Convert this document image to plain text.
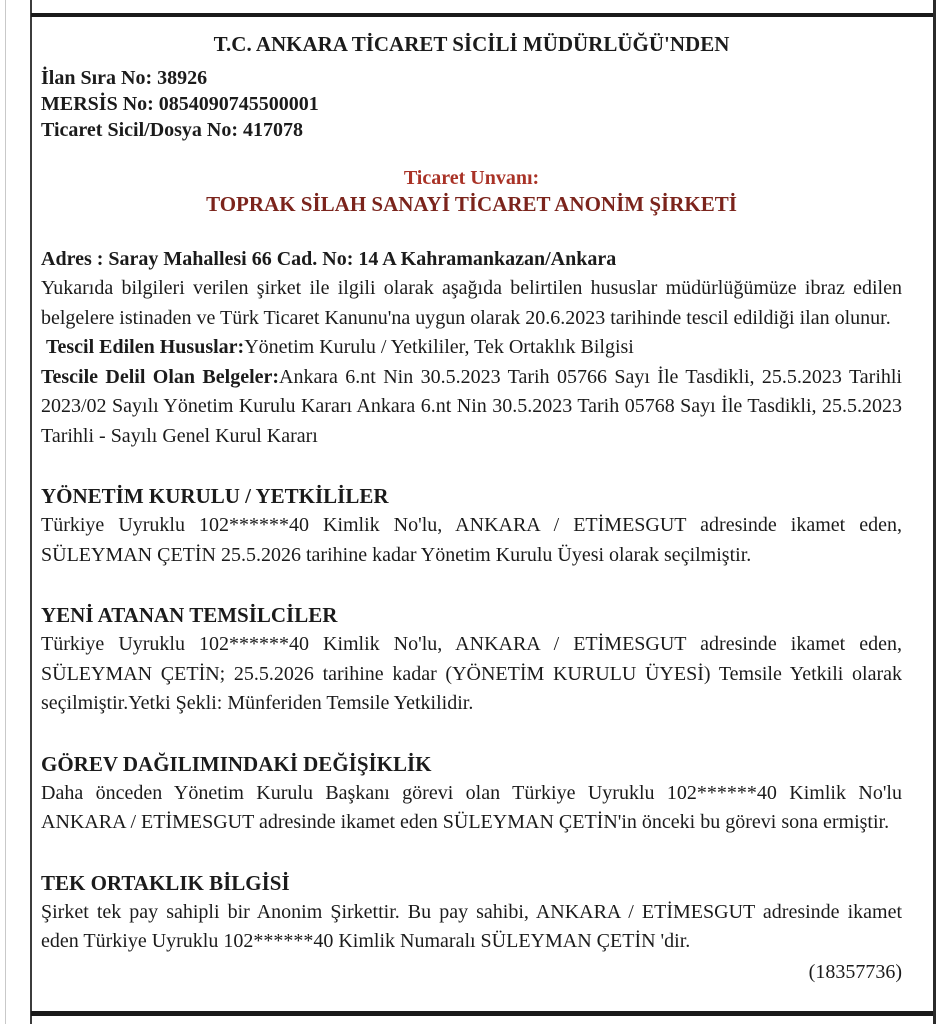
T.C. ANKARA TİCARET SİCİLİ MÜDÜRLÜĞÜ'NDEN
İlan Sıra No: 38926
MERSİS No: 0854090745500001
Ticaret Sicil/Dosya No: 417078
Ticaret Unvanı:
TOPRAK SİLAH SANAYİ TİCARET ANONİM ŞİRKETİ
Adres : Saray Mahallesi 66 Cad. No: 14 A Kahramankazan/Ankara
Yukarıda bilgileri verilen şirket ile ilgili olarak aşağıda belirtilen hususlar müdürlüğümüze ibraz edilen belgelere istinaden ve Türk Ticaret Kanunu'na uygun olarak 20.6.2023 tarihinde tescil edildiği ilan olunur.
Tescil Edilen Hususlar:Yönetim Kurulu / Yetkililer, Tek Ortaklık Bilgisi
Tescile Delil Olan Belgeler:Ankara 6.nt Nin 30.5.2023 Tarih 05766 Sayı İle Tasdikli, 25.5.2023 Tarihli 2023/02 Sayılı Yönetim Kurulu Kararı Ankara 6.nt Nin 30.5.2023 Tarih 05768 Sayı İle Tasdikli, 25.5.2023 Tarihli - Sayılı Genel Kurul Kararı
YÖNETİM KURULU / YETKİLİLER
Türkiye Uyruklu 102******40 Kimlik No'lu, ANKARA / ETİMESGUT adresinde ikamet eden, SÜLEYMAN ÇETİN 25.5.2026 tarihine kadar Yönetim Kurulu Üyesi olarak seçilmiştir.
YENİ ATANAN TEMSİLCİLER
Türkiye Uyruklu 102******40 Kimlik No'lu, ANKARA / ETİMESGUT adresinde ikamet eden, SÜLEYMAN ÇETİN; 25.5.2026 tarihine kadar (YÖNETİM KURULU ÜYESİ) Temsile Yetkili olarak seçilmiştir.Yetki Şekli: Münferiden Temsile Yetkilidir.
GÖREV DAĞILIMINDAKİ DEĞİŞİKLİK
Daha önceden Yönetim Kurulu Başkanı görevi olan Türkiye Uyruklu 102******40 Kimlik No'lu ANKARA / ETİMESGUT adresinde ikamet eden SÜLEYMAN ÇETİN'in önceki bu görevi sona ermiştir.
TEK ORTAKLIK BİLGİSİ
Şirket tek pay sahipli bir Anonim Şirkettir. Bu pay sahibi, ANKARA / ETİMESGUT adresinde ikamet eden Türkiye Uyruklu 102******40 Kimlik Numaralı SÜLEYMAN ÇETİN 'dir.
(18357736)
